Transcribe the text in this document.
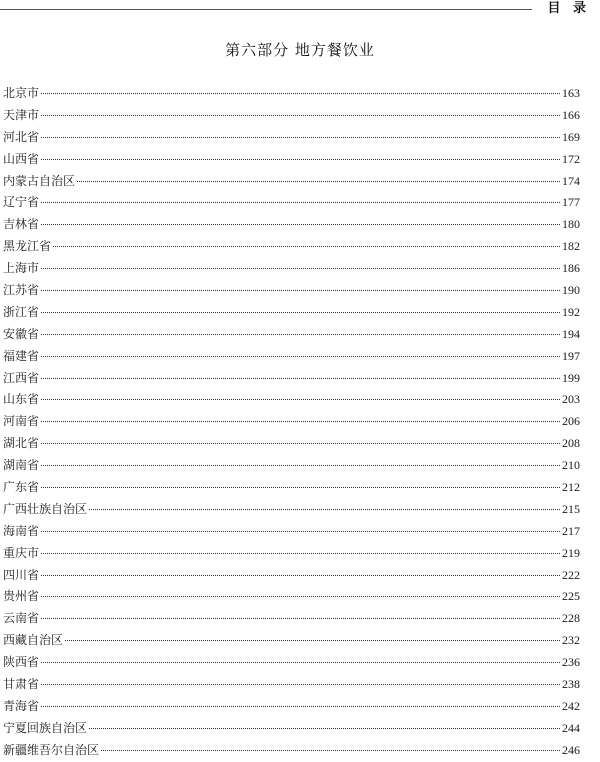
目 录
第六部分 地方餐饮业
北京市	163
天津市	166
河北省	169
山西省	172
内蒙古自治区	174
辽宁省	177
吉林省	180
黑龙江省	182
上海市	186
江苏省	190
浙江省	192
安徽省	194
福建省	197
江西省	199
山东省	203
河南省	206
湖北省	208
湖南省	210
广东省	212
广西壮族自治区	215
海南省	217
重庆市	219
四川省	222
贵州省	225
云南省	228
西藏自治区	232
陕西省	236
甘肃省	238
青海省	242
宁夏回族自治区	244
新疆维吾尔自治区	246
